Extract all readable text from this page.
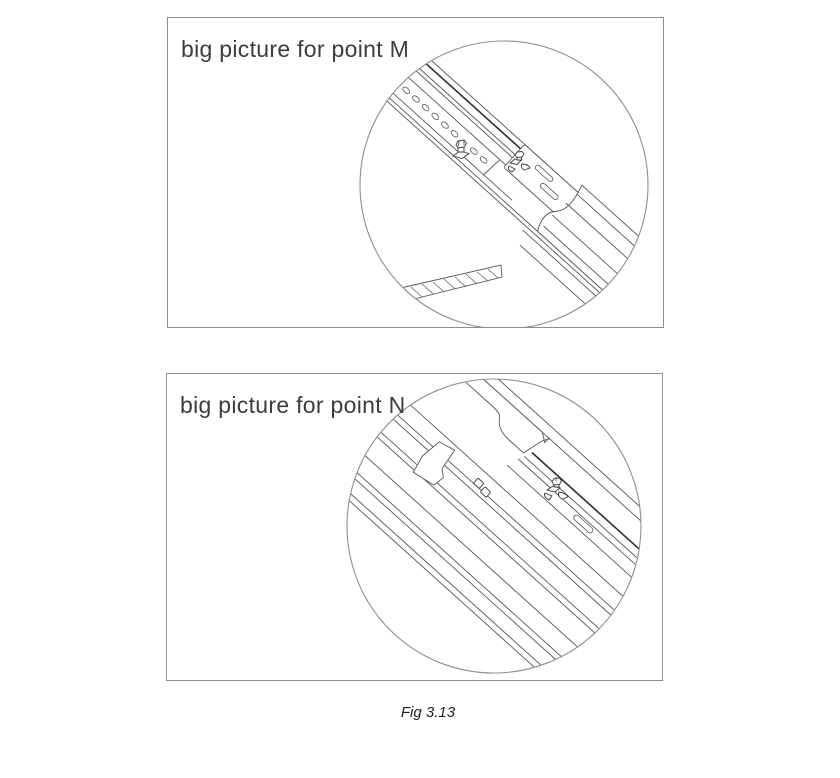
big picture for point M
big picture for point N
Fig 3.13
